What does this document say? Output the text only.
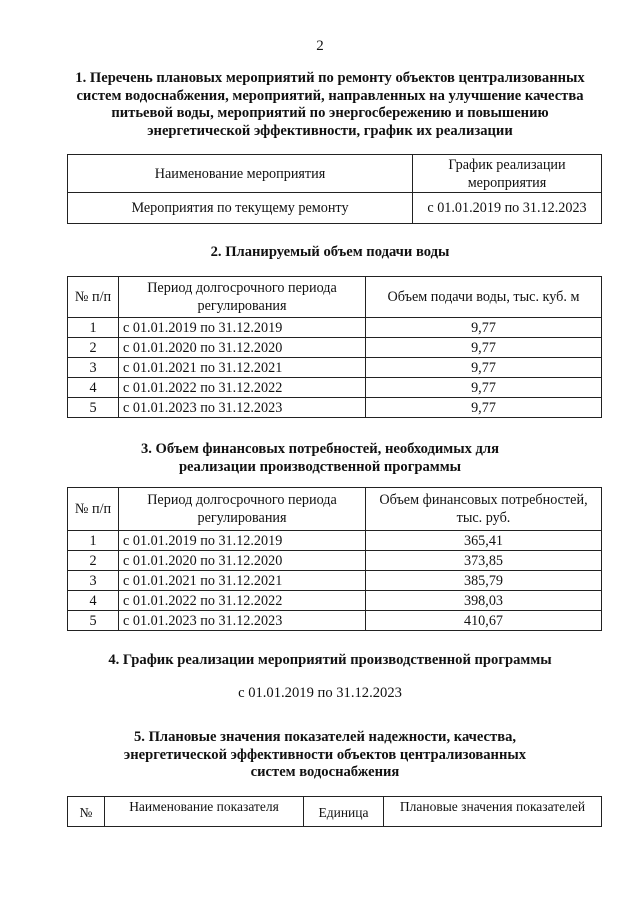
2
1. Перечень плановых мероприятий по ремонту объектов централизованных систем водоснабжения, мероприятий, направленных на улучшение качества питьевой воды, мероприятий по энергосбережению и повышению энергетической эффективности, график их реализации
Наименование мероприятия	График реализации мероприятия
Мероприятия по текущему ремонту	с 01.01.2019 по 31.12.2023
2. Планируемый объем подачи воды
№ п/п	Период долгосрочного периода регулирования	Объем подачи воды, тыс. куб. м
1	с 01.01.2019 по 31.12.2019	9,77
2	с 01.01.2020 по 31.12.2020	9,77
3	с 01.01.2021 по 31.12.2021	9,77
4	с 01.01.2022 по 31.12.2022	9,77
5	с 01.01.2023 по 31.12.2023	9,77
3. Объем финансовых потребностей, необходимых для реализации производственной программы
№ п/п	Период долгосрочного периода регулирования	Объем финансовых потребностей, тыс. руб.
1	с 01.01.2019 по 31.12.2019	365,41
2	с 01.01.2020 по 31.12.2020	373,85
3	с 01.01.2021 по 31.12.2021	385,79
4	с 01.01.2022 по 31.12.2022	398,03
5	с 01.01.2023 по 31.12.2023	410,67
4. График реализации мероприятий производственной программы
с 01.01.2019 по 31.12.2023
5. Плановые значения показателей надежности, качества, энергетической эффективности объектов централизованных систем водоснабжения
№	Наименование показателя	Единица	Плановые значения показателей
